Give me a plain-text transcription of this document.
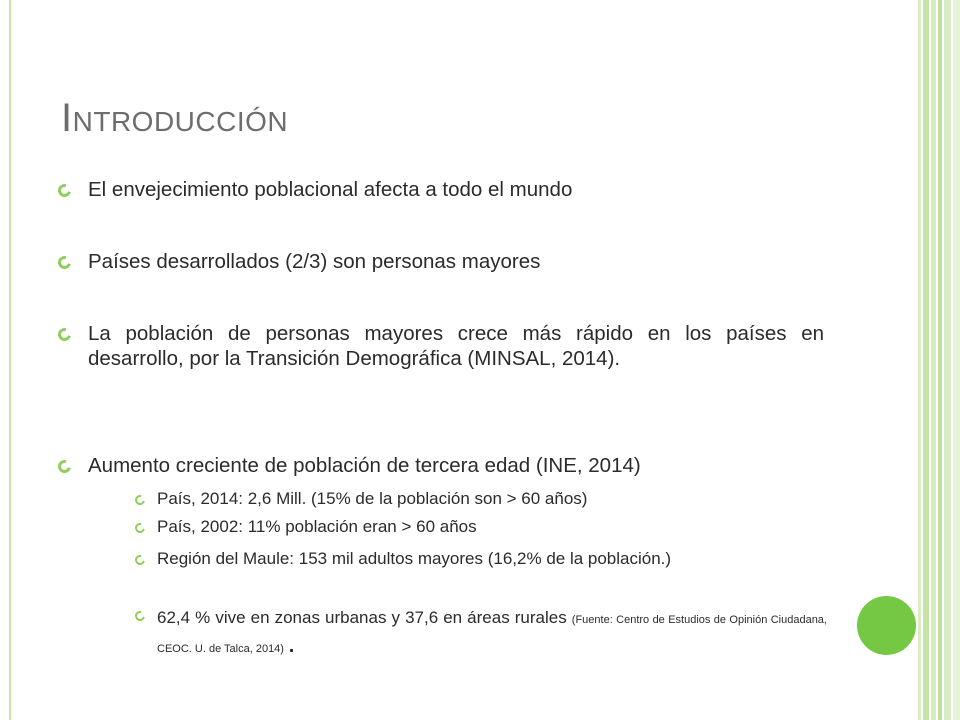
Introducción
El envejecimiento poblacional afecta a todo el mundo
Países desarrollados (2/3) son personas mayores
La población de personas mayores crece más rápido en los países en desarrollo, por la Transición Demográfica (MINSAL, 2014).
Aumento creciente de población de tercera edad (INE, 2014)
País, 2014: 2,6 Mill. (15% de la población son > 60 años)
País, 2002: 11% población eran > 60 años
Región del Maule: 153 mil adultos mayores (16,2% de la población.)
62,4 % vive en zonas urbanas y 37,6 en áreas rurales (Fuente: Centro de Estudios de Opinión Ciudadana, CEOC. U. de Talca, 2014) .
